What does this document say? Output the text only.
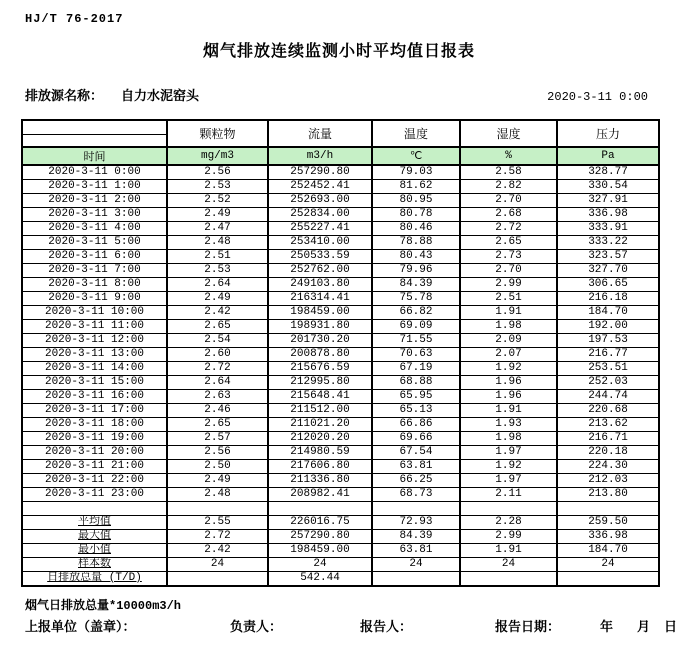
HJ/T 76-2017
烟气排放连续监测小时平均值日报表
排放源名称： 自力水泥窑头	2020-3-11 0:00
	颗粒物	流量	温度	湿度	压力

时间	mg/m3	m3/h	℃	%	Pa
2020-3-11 0:00	2.56	257290.80	79.03	2.58	328.77
2020-3-11 1:00	2.53	252452.41	81.62	2.82	330.54
2020-3-11 2:00	2.52	252693.00	80.95	2.70	327.91
2020-3-11 3:00	2.49	252834.00	80.78	2.68	336.98
2020-3-11 4:00	2.47	255227.41	80.46	2.72	333.91
2020-3-11 5:00	2.48	253410.00	78.88	2.65	333.22
2020-3-11 6:00	2.51	250533.59	80.43	2.73	323.57
2020-3-11 7:00	2.53	252762.00	79.96	2.70	327.70
2020-3-11 8:00	2.64	249103.80	84.39	2.99	306.65
2020-3-11 9:00	2.49	216314.41	75.78	2.51	216.18
2020-3-11 10:00	2.42	198459.00	66.82	1.91	184.70
2020-3-11 11:00	2.65	198931.80	69.09	1.98	192.00
2020-3-11 12:00	2.54	201730.20	71.55	2.09	197.53
2020-3-11 13:00	2.60	200878.80	70.63	2.07	216.77
2020-3-11 14:00	2.72	215676.59	67.19	1.92	253.51
2020-3-11 15:00	2.64	212995.80	68.88	1.96	252.03
2020-3-11 16:00	2.63	215648.41	65.95	1.96	244.74
2020-3-11 17:00	2.46	211512.00	65.13	1.91	220.68
2020-3-11 18:00	2.65	211021.20	66.86	1.93	213.62
2020-3-11 19:00	2.57	212020.20	69.66	1.98	216.71
2020-3-11 20:00	2.56	214980.59	67.54	1.97	220.18
2020-3-11 21:00	2.50	217606.80	63.81	1.92	224.30
2020-3-11 22:00	2.49	211336.80	66.25	1.97	212.03
2020-3-11 23:00	2.48	208982.41	68.73	2.11	213.80

平均值	2.55	226016.75	72.93	2.28	259.50
最大值	2.72	257290.80	84.39	2.99	336.98
最小值	2.42	198459.00	63.81	1.91	184.70
样本数	24	24	24	24	24
日排放总量 (T/D)		542.44			
烟气日排放总量*10000m3/h
上报单位（盖章）：	负责人：	报告人：	报告日期：	年 月 日
